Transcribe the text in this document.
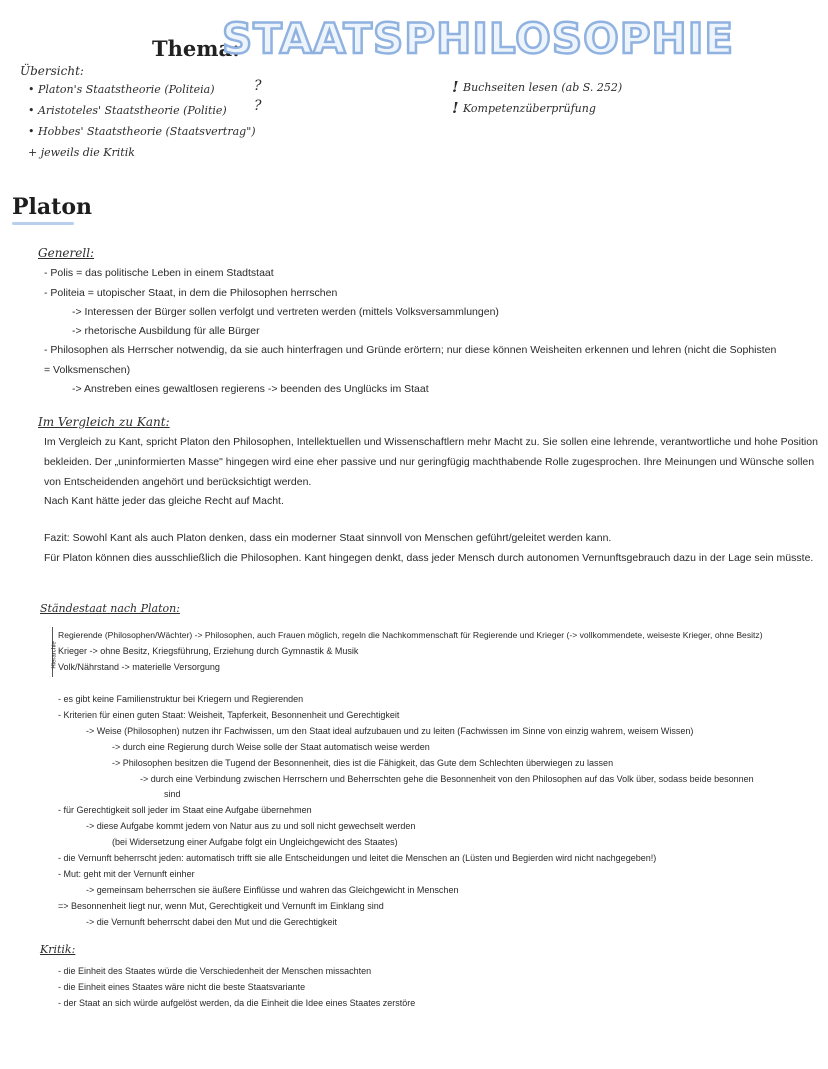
Thema:
STAATSPHILOSOPHIE
Übersicht:
• Platon's Staatstheorie (Politeia)
• Aristoteles' Staatstheorie (Politie)
• Hobbes' Staatstheorie (Staatsvertrag")
+ jeweils die Kritik
?
?
! Buchseiten lesen (ab S. 252)
! Kompetenzüberprüfung
Platon
Generell:
- Polis = das politische Leben in einem Stadtstaat
- Politeia = utopischer Staat, in dem die Philosophen herrschen
-> Interessen der Bürger sollen verfolgt und vertreten werden (mittels Volksversammlungen)
-> rhetorische Ausbildung für alle Bürger
- Philosophen als Herrscher notwendig, da sie auch hinterfragen und Gründe erörtern; nur diese können Weisheiten erkennen und lehren (nicht die Sophisten = Volksmenschen)
-> Anstreben eines gewaltlosen regierens -> beenden des Unglücks im Staat
Im Vergleich zu Kant:
Im Vergleich zu Kant, spricht Platon den Philosophen, Intellektuellen und Wissenschaftlern mehr Macht zu. Sie sollen eine lehrende, verantwortliche und hohe Position bekleiden. Der „uninformierten Masse" hingegen wird eine eher passive und nur geringfügig machthabende Rolle zugesprochen. Ihre Meinungen und Wünsche sollen von Entscheidenden angehört und berücksichtigt werden.
Nach Kant hätte jeder das gleiche Recht auf Macht.
Fazit: Sowohl Kant als auch Platon denken, dass ein moderner Staat sinnvoll von Menschen geführt/geleitet werden kann.
Für Platon können dies ausschließlich die Philosophen. Kant hingegen denkt, dass jeder Mensch durch autonomen Vernunftsgebrauch dazu in der Lage sein müsste.
Ständestaat nach Platon:
Hierarchie
Regierende (Philosophen/Wächter) -> Philosophen, auch Frauen möglich, regeln die Nachkommenschaft für Regierende und Krieger (-> vollkommendete, weiseste Krieger, ohne Besitz)
Krieger -> ohne Besitz, Kriegsführung, Erziehung durch Gymnastik & Musik
Volk/Nährstand -> materielle Versorgung
- es gibt keine Familienstruktur bei Kriegern und Regierenden
- Kriterien für einen guten Staat: Weisheit, Tapferkeit, Besonnenheit und Gerechtigkeit
-> Weise (Philosophen) nutzen ihr Fachwissen, um den Staat ideal aufzubauen und zu leiten (Fachwissen im Sinne von einzig wahrem, weisem Wissen)
-> durch eine Regierung durch Weise solle der Staat automatisch weise werden
-> Philosophen besitzen die Tugend der Besonnenheit, dies ist die Fähigkeit, das Gute dem Schlechten überwiegen zu lassen
-> durch eine Verbindung zwischen Herrschern und Beherrschten gehe die Besonnenheit von den Philosophen auf das Volk über, sodass beide besonnen
sind
- für Gerechtigkeit soll jeder im Staat eine Aufgabe übernehmen
-> diese Aufgabe kommt jedem von Natur aus zu und soll nicht gewechselt werden
(bei Widersetzung einer Aufgabe folgt ein Ungleichgewicht des Staates)
- die Vernunft beherrscht jeden: automatisch trifft sie alle Entscheidungen und leitet die Menschen an (Lüsten und Begierden wird nicht nachgegeben!)
- Mut: geht mit der Vernunft einher
-> gemeinsam beherrschen sie äußere Einflüsse und wahren das Gleichgewicht in Menschen
=> Besonnenheit liegt nur, wenn Mut, Gerechtigkeit und Vernunft im Einklang sind
-> die Vernunft beherrscht dabei den Mut und die Gerechtigkeit
Kritik:
- die Einheit des Staates würde die Verschiedenheit der Menschen missachten
- die Einheit eines Staates wäre nicht die beste Staatsvariante
- der Staat an sich würde aufgelöst werden, da die Einheit die Idee eines Staates zerstöre
